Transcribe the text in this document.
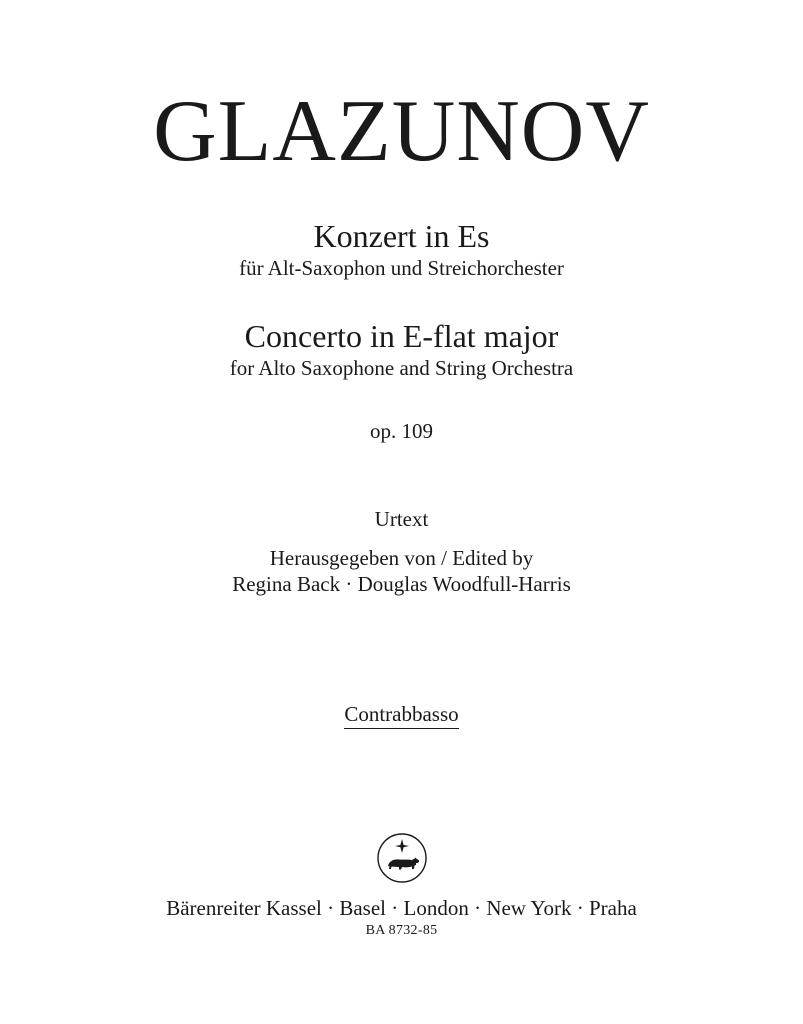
GLAZUNOV
Konzert in Es
für Alt-Saxophon und Streichorchester
Concerto in E-flat major
for Alto Saxophone and String Orchestra
op. 109
Urtext
Herausgegeben von / Edited by
Regina Back · Douglas Woodfull-Harris
Contrabbasso
Bärenreiter Kassel · Basel · London · New York · Praha
BA 8732-85
